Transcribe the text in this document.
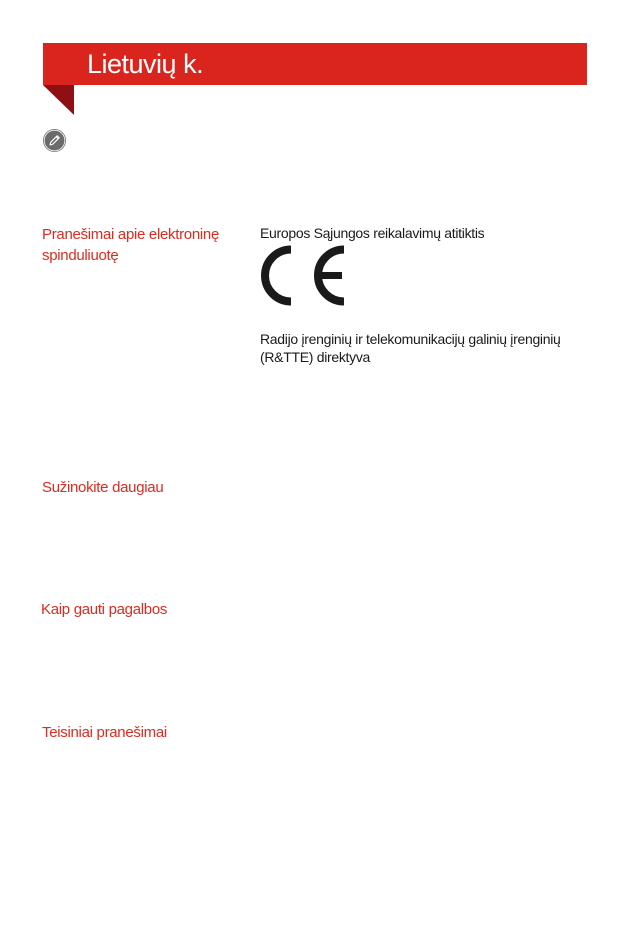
Lietuvių k.
Pranešimai apie elektroninę spinduliuotę

Europos Sąjungos reikalavimų atitiktis

Radijo įrenginių ir telekomunikacijų galinių įrenginių (R&TTE) direktyva

Sužinokite daugiau
Kaip gauti pagalbos
Teisiniai pranešimai
